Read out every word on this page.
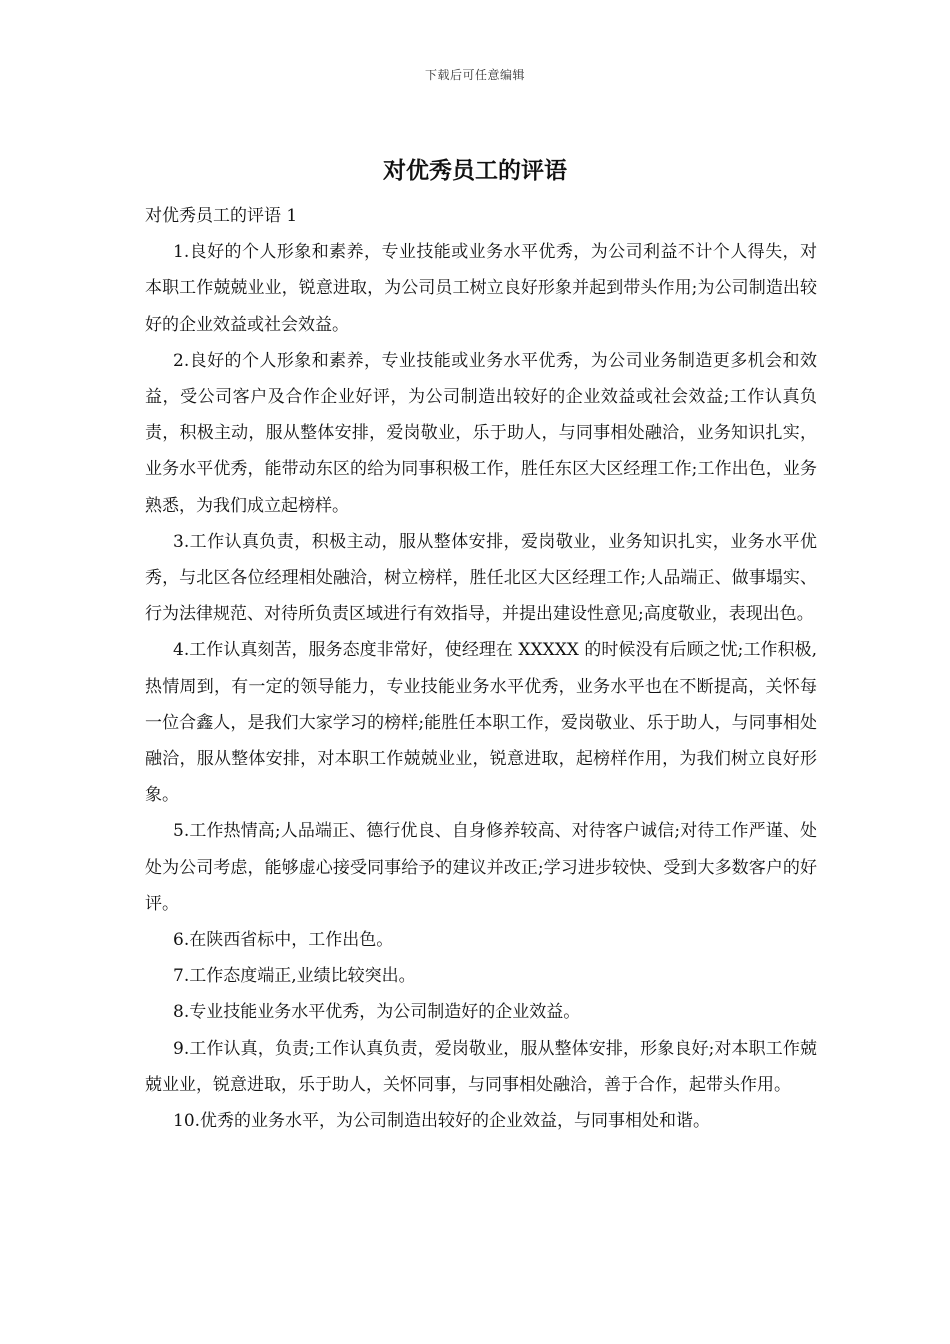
下载后可任意编辑
对优秀员工的评语

对优秀员工的评语 1

1.良好的个人形象和素养，专业技能或业务水平优秀，为公司利益不计个人得失，对本职工作兢兢业业，锐意进取，为公司员工树立良好形象并起到带头作用;为公司制造出较好的企业效益或社会效益。

2.良好的个人形象和素养，专业技能或业务水平优秀，为公司业务制造更多机会和效益，受公司客户及合作企业好评，为公司制造出较好的企业效益或社会效益;工作认真负责，积极主动，服从整体安排，爱岗敬业，乐于助人，与同事相处融洽，业务知识扎实，业务水平优秀，能带动东区的给为同事积极工作，胜任东区大区经理工作;工作出色，业务熟悉，为我们成立起榜样。

3.工作认真负责，积极主动，服从整体安排，爱岗敬业，业务知识扎实，业务水平优秀，与北区各位经理相处融洽，树立榜样，胜任北区大区经理工作;人品端正、做事塌实、行为法律规范、对待所负责区域进行有效指导，并提出建设性意见;高度敬业，表现出色。

4.工作认真刻苦，服务态度非常好，使经理在 XXXXX 的时候没有后顾之忧;工作积极,热情周到，有一定的领导能力，专业技能业务水平优秀，业务水平也在不断提高，关怀每一位合鑫人，是我们大家学习的榜样;能胜任本职工作，爱岗敬业、乐于助人，与同事相处融洽，服从整体安排，对本职工作兢兢业业，锐意进取，起榜样作用，为我们树立良好形象。

5.工作热情高;人品端正、德行优良、自身修养较高、对待客户诚信;对待工作严谨、处处为公司考虑，能够虚心接受同事给予的建议并改正;学习进步较快、受到大多数客户的好评。

6.在陕西省标中，工作出色。

7.工作态度端正,业绩比较突出。

8.专业技能业务水平优秀，为公司制造好的企业效益。

9.工作认真，负责;工作认真负责，爱岗敬业，服从整体安排，形象良好;对本职工作兢兢业业，锐意进取，乐于助人，关怀同事，与同事相处融洽，善于合作，起带头作用。

10.优秀的业务水平，为公司制造出较好的企业效益，与同事相处和谐。
